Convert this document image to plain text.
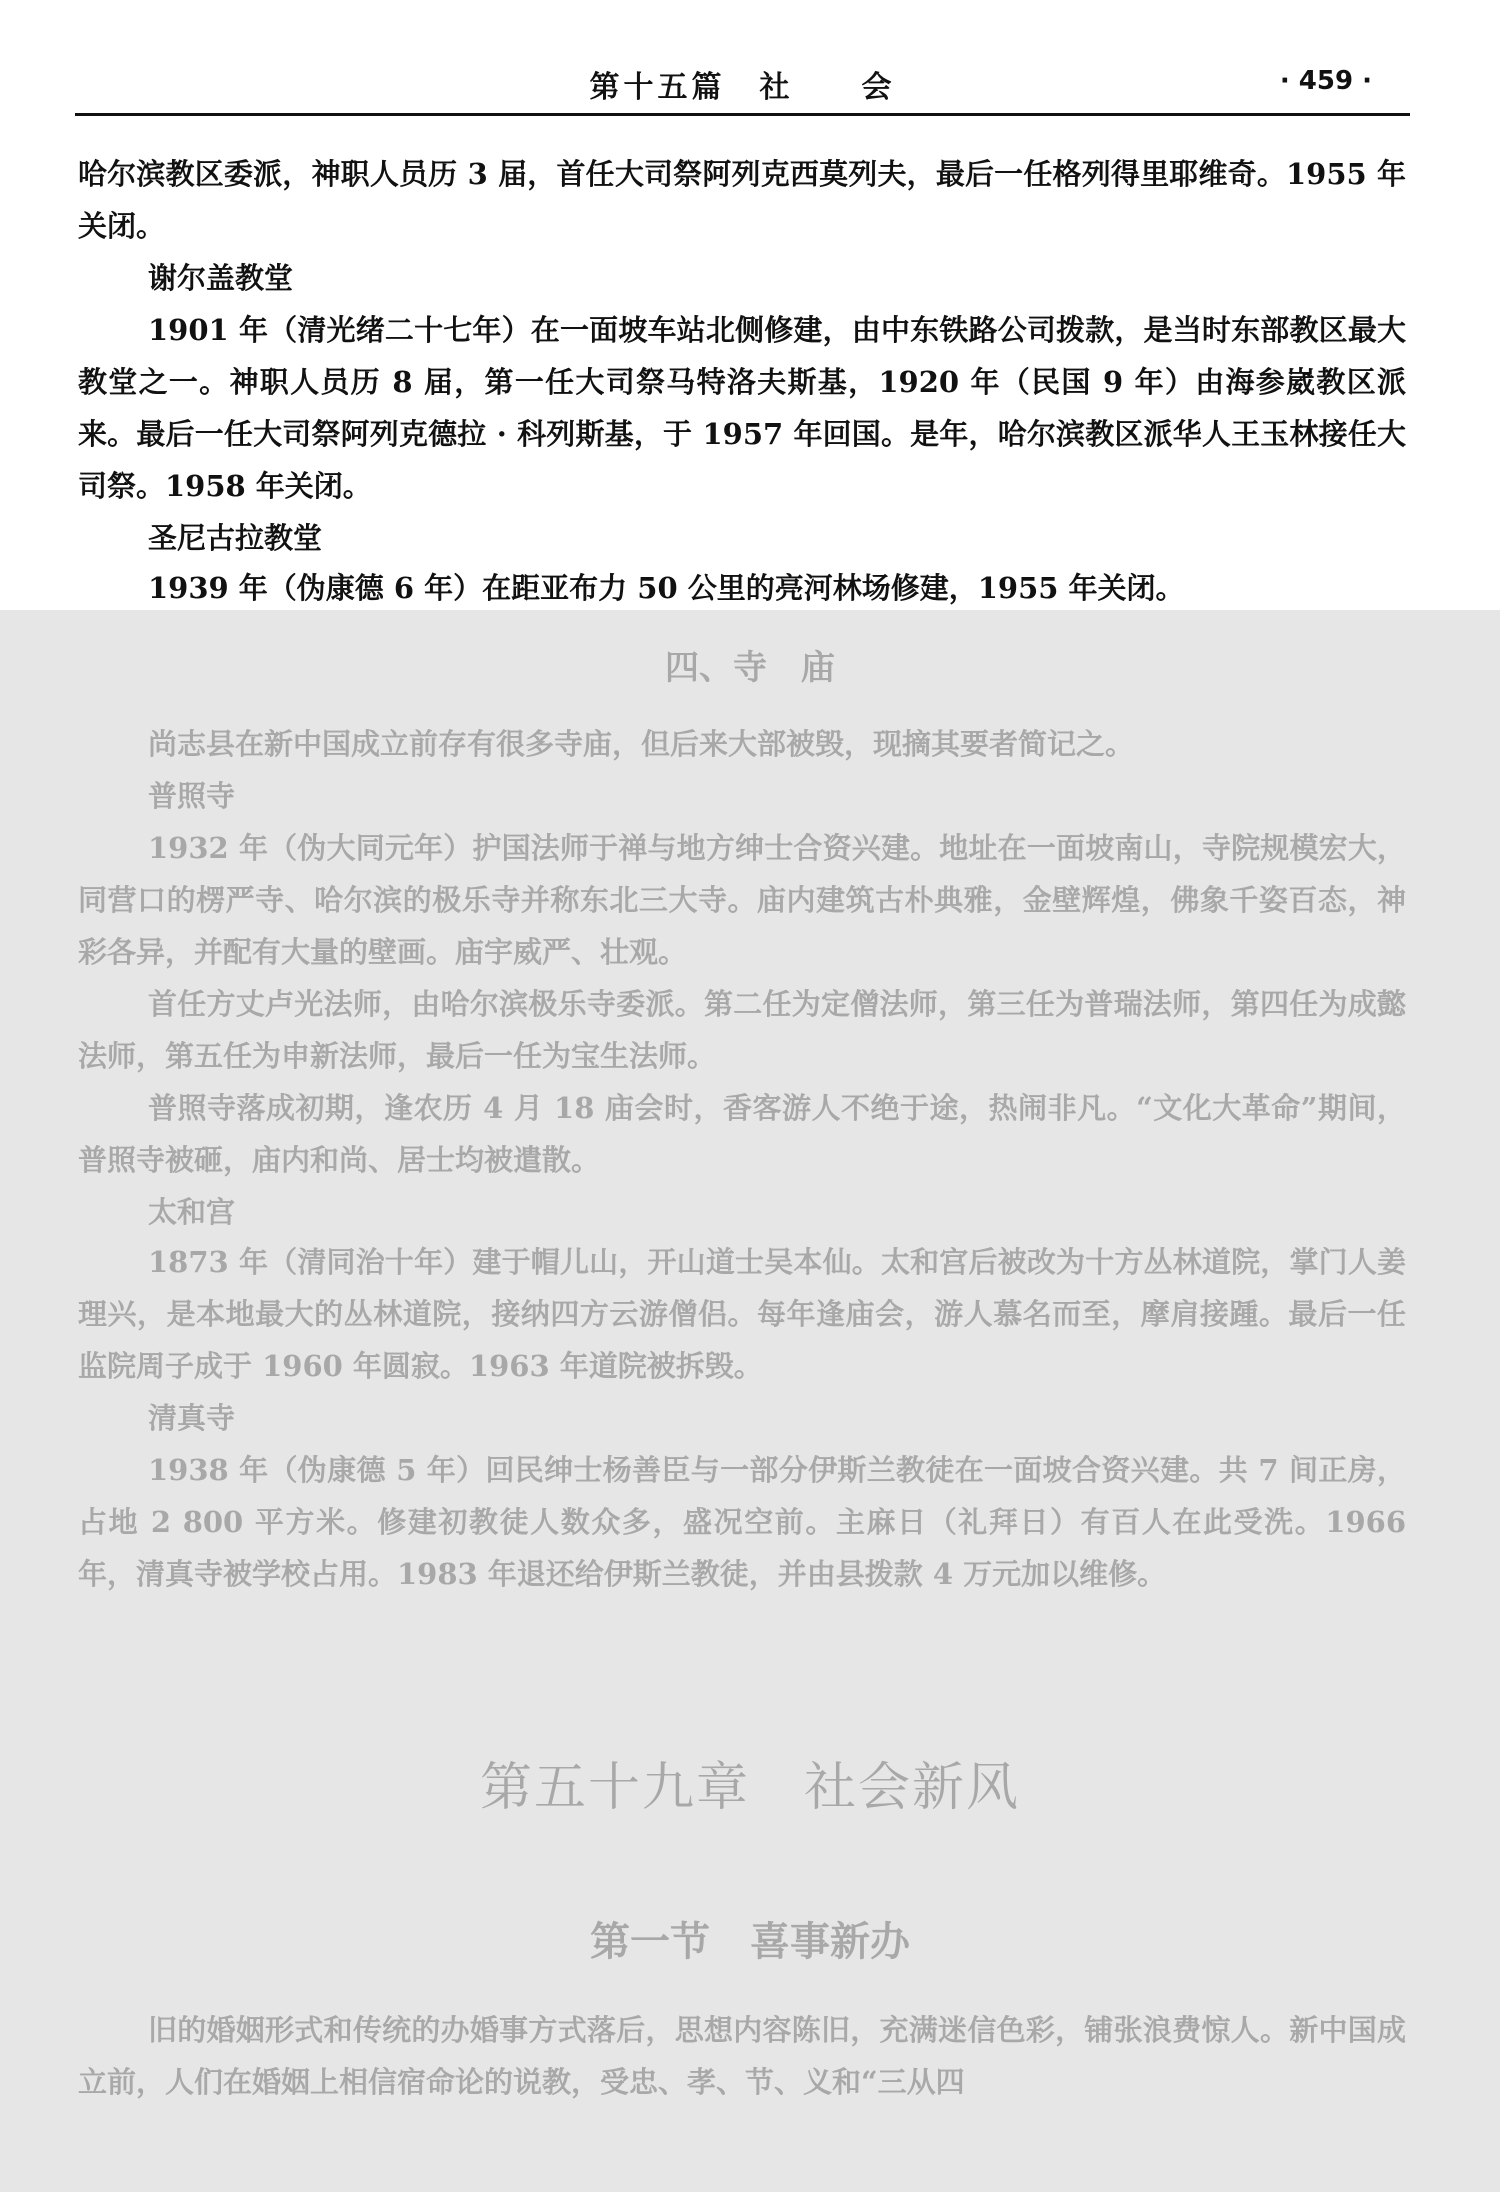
第十五篇　社　　会	· 459 ·

哈尔滨教区委派，神职人员历 3 届，首任大司祭阿列克西莫列夫，最后一任格列得里耶维奇。1955 年关闭。

谢尔盖教堂

1901 年（清光绪二十七年）在一面坡车站北侧修建，由中东铁路公司拨款，是当时东部教区最大教堂之一。神职人员历 8 届，第一任大司祭马特洛夫斯基，1920 年（民国 9 年）由海参崴教区派来。最后一任大司祭阿列克德拉 · 科列斯基，于 1957 年回国。是年，哈尔滨教区派华人王玉林接任大司祭。1958 年关闭。

圣尼古拉教堂

1939 年（伪康德 6 年）在距亚布力 50 公里的亮河林场修建，1955 年关闭。

四、寺　庙

尚志县在新中国成立前存有很多寺庙，但后来大部被毁，现摘其要者简记之。

普照寺

1932 年（伪大同元年）护国法师于禅与地方绅士合资兴建。地址在一面坡南山，寺院规模宏大，同营口的楞严寺、哈尔滨的极乐寺并称东北三大寺。庙内建筑古朴典雅，金壁辉煌，佛象千姿百态，神彩各异，并配有大量的壁画。庙宇威严、壮观。

首任方丈卢光法师，由哈尔滨极乐寺委派。第二任为定僧法师，第三任为普瑞法师，第四任为成懿法师，第五任为申新法师，最后一任为宝生法师。

普照寺落成初期，逢农历 4 月 18 庙会时，香客游人不绝于途，热闹非凡。“文化大革命”期间，普照寺被砸，庙内和尚、居士均被遣散。

太和宫

1873 年（清同治十年）建于帽儿山，开山道士吴本仙。太和宫后被改为十方丛林道院，掌门人姜理兴，是本地最大的丛林道院，接纳四方云游僧侣。每年逢庙会，游人慕名而至，摩肩接踵。最后一任监院周子成于 1960 年圆寂。1963 年道院被拆毁。

清真寺

1938 年（伪康德 5 年）回民绅士杨善臣与一部分伊斯兰教徒在一面坡合资兴建。共 7 间正房，占地 2 800 平方米。修建初教徒人数众多，盛况空前。主麻日（礼拜日）有百人在此受洗。1966 年，清真寺被学校占用。1983 年退还给伊斯兰教徒，并由县拨款 4 万元加以维修。

第五十九章　社会新风
第一节　喜事新办

旧的婚姻形式和传统的办婚事方式落后，思想内容陈旧，充满迷信色彩，铺张浪费惊人。新中国成立前，人们在婚姻上相信宿命论的说教，受忠、孝、节、义和“三从四
